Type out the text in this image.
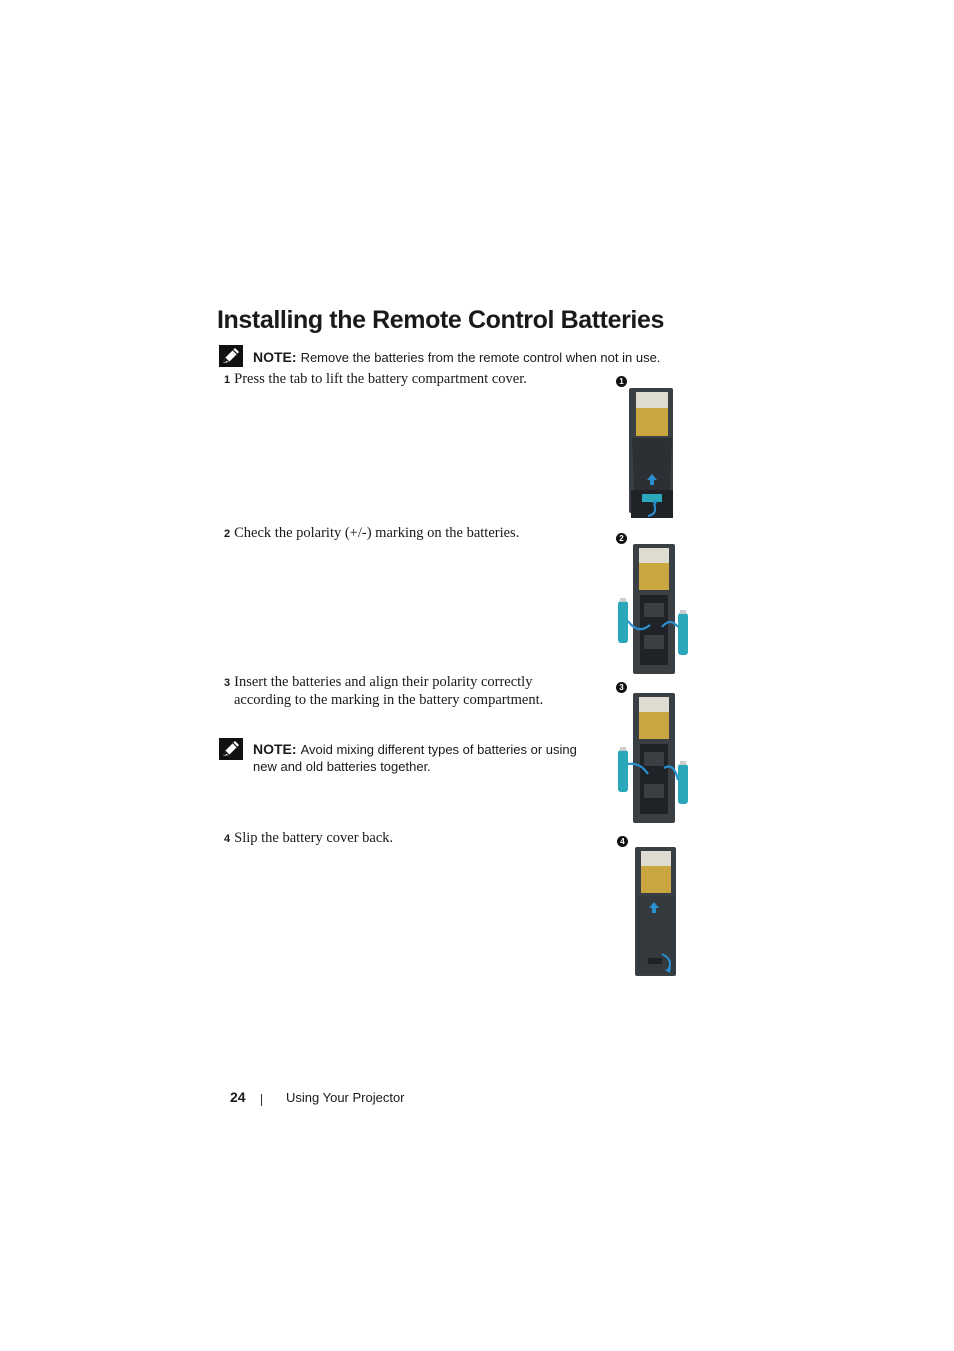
Installing the Remote Control Batteries
NOTE: Remove the batteries from the remote control when not in use.
1 Press the tab to lift the battery compartment cover.
2 Check the polarity (+/-) marking on the batteries.
3 Insert the batteries and align their polarity correctly
according to the marking in the battery compartment.
NOTE: Avoid mixing different types of batteries or using
new and old batteries together.
4 Slip the battery cover back.
1
2
3
4
24	Using Your Projector
